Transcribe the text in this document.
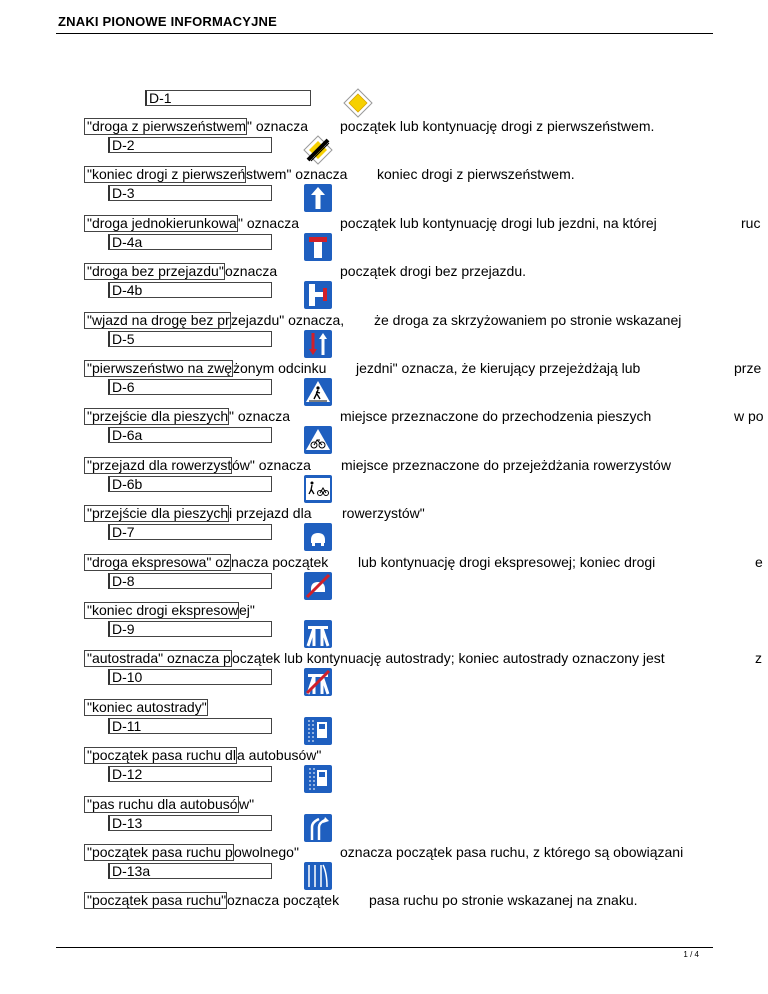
ZNAKI PIONOWE INFORMACYJNE
D-1
"droga z pierwszeństwem " oznacza początek lub kontynuację drogi z pierwszeństwem.
D-2
"koniec drogi z pierwszeń stwem" oznacza koniec drogi z pierwszeństwem.
D-3
"droga jednokierunkowa " oznacza	początek lub kontynuację drogi lub jezdni, na której	ruc
D-4a
"droga bez przejazdu" oznacza	początek drogi bez przejazdu.
D-4b
"wjazd na drogę bez pr zejazdu" oznacza, że droga za skrzyżowaniem po stronie wskazanej
D-5
"pierwszeństwo na zwę żonym odcinku jezdni" oznacza, że kierujący przejeżdżają lub	prze
D-6
"przejście dla pieszych " oznacza	miejsce przeznaczone do przechodzenia pieszych	w po
D-6a
"przejazd dla rowerzyst ów" oznacza miejsce przeznaczone do przejeżdżania rowerzystów
D-6b
"przejście dla pieszych i przejazd dla rowerzystów"
D-7
"droga ekspresowa" oz nacza początek lub kontynuację drogi ekspresowej; koniec drogi	e
D-8
"koniec drogi ekspresow ej"
D-9
"autostrada" oznacza p oczątek lub kontynuację autostrady; koniec autostrady oznaczony jest	z
D-10
"koniec autostrady"
D-11
"początek pasa ruchu dl a autobusów"
D-12
"pas ruchu dla autobusó w"
D-13
"początek pasa ruchu p owolnego"	oznacza początek pasa ruchu, z którego są obowiązani
D-13a
"początek pasa ruchu" oznacza początek pasa ruchu po stronie wskazanej na znaku.
1 / 4
